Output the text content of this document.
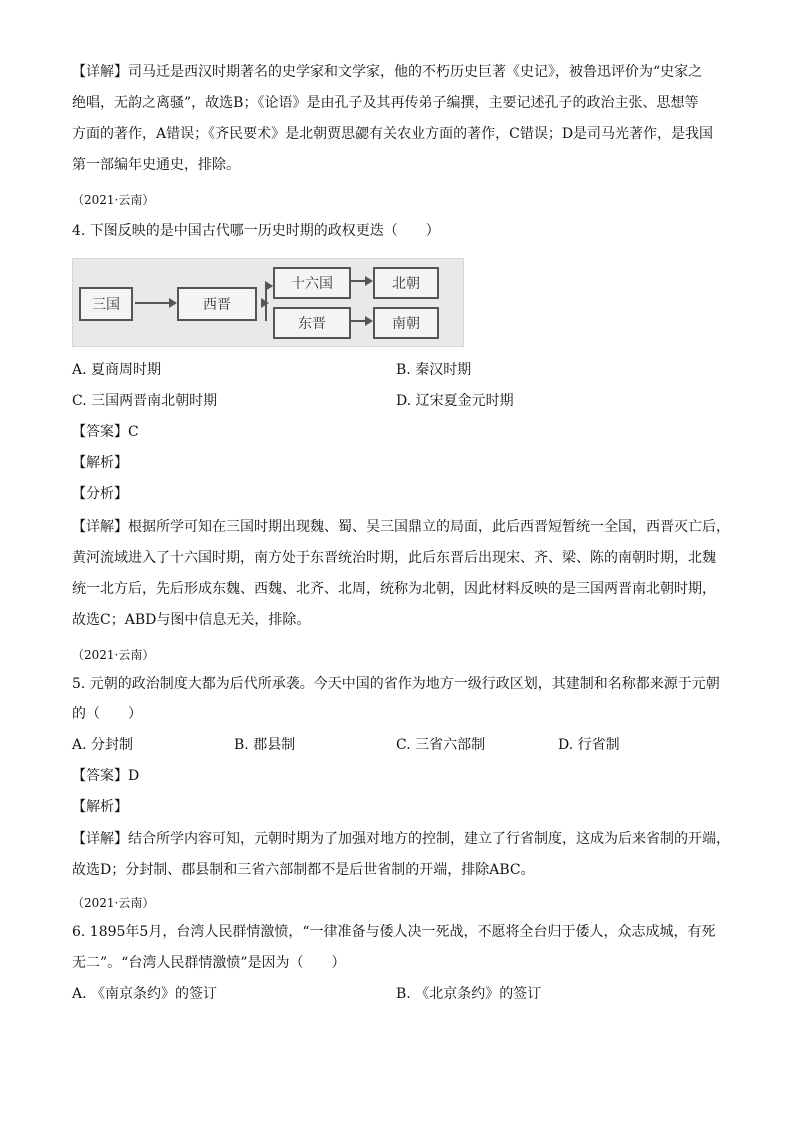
【详解】司马迁是西汉时期著名的史学家和文学家，他的不朽历史巨著《史记》，被鲁迅评价为“史家之
绝唱，无韵之离骚”，故选B；《论语》是由孔子及其再传弟子编撰，主要记述孔子的政治主张、思想等
方面的著作，A错误；《齐民要术》是北朝贾思勰有关农业方面的著作，C错误；D是司马光著作，是我国
第一部编年史通史，排除。
（2021·云南）
4. 下图反映的是中国古代哪一历史时期的政权更迭（　　）
三国	西晋
十六国
东晋
北朝
南朝
A. 夏商周时期	B. 秦汉时期
C. 三国两晋南北朝时期	D. 辽宋夏金元时期
【答案】C
【解析】
【分析】
【详解】根据所学可知在三国时期出现魏、蜀、吴三国鼎立的局面，此后西晋短暂统一全国，西晋灭亡后，
黄河流域进入了十六国时期，南方处于东晋统治时期，此后东晋后出现宋、齐、梁、陈的南朝时期，北魏
统一北方后，先后形成东魏、西魏、北齐、北周，统称为北朝，因此材料反映的是三国两晋南北朝时期，
故选C；ABD与图中信息无关，排除。
（2021·云南）
5. 元朝的政治制度大都为后代所承袭。今天中国的省作为地方一级行政区划，其建制和名称都来源于元朝
的（　　）
A. 分封制	B. 郡县制	C. 三省六部制	D. 行省制
【答案】D
【解析】
【详解】结合所学内容可知，元朝时期为了加强对地方的控制，建立了行省制度，这成为后来省制的开端，
故选D；分封制、郡县制和三省六部制都不是后世省制的开端，排除ABC。
（2021·云南）
6. 1895年5月，台湾人民群情激愤，“一律准备与倭人决一死战，不愿将全台归于倭人，众志成城，有死
无二”。“台湾人民群情激愤”是因为（　　）
A. 《南京条约》的签订	B. 《北京条约》的签订
